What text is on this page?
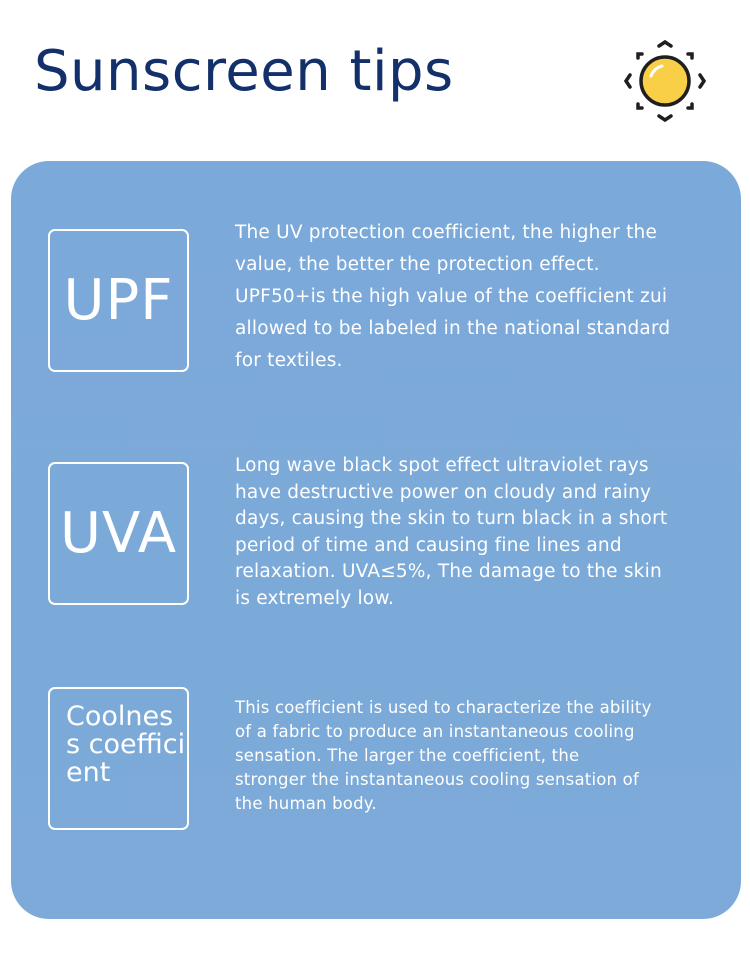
Sunscreen tips
UPF

The UV protection coefficient, the higher the value, the better the protection effect. UPF50+is the high value of the coefficient zui allowed to be labeled in the national standard for textiles.

UVA

Long wave black spot effect ultraviolet rays have destructive power on cloudy and rainy days, causing the skin to turn black in a short period of time and causing fine lines and relaxation. UVA≤5%, The damage to the skin is extremely low.

Coolness coefficient

This coefficient is used to characterize the ability of a fabric to produce an instantaneous cooling sensation. The larger the coefficient, the stronger the instantaneous cooling sensation of the human body.
